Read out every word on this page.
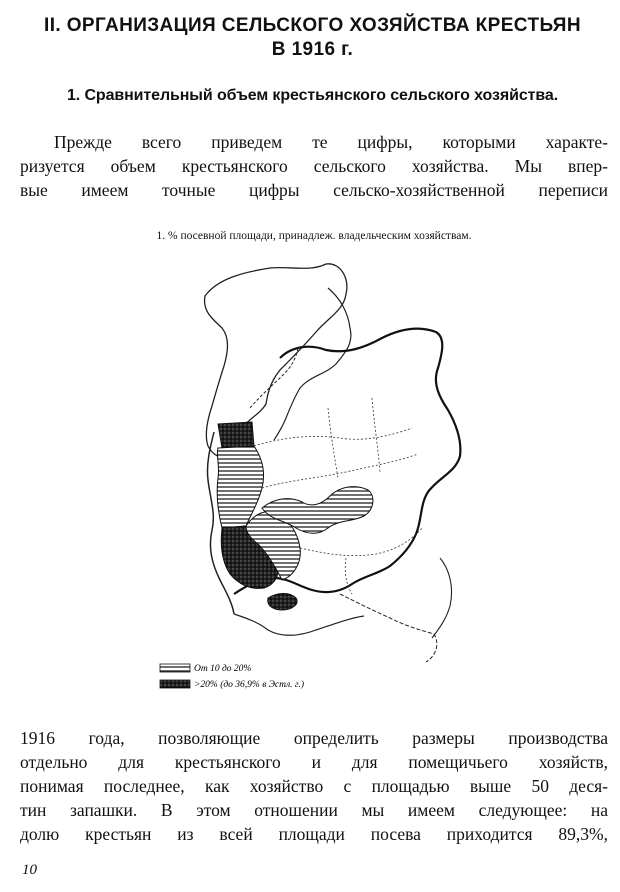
II. ОРГАНИЗАЦИЯ СЕЛЬСКОГО ХОЗЯЙСТВА КРЕСТЬЯН
В 1916 г.
1. Сравнительный объем крестьянского сельского хозяйства.
Прежде всего приведем те цифры, которыми характе-
ризуется объем крестьянского сельского хозяйства. Мы впер-
вые имеем точные цифры сельско-хозяйственной переписи
1. % посевной площади, принадлеж. владельческим хозяйствам.
От 10 до 20%
>20% (до 36,9% в Эстл. г.)
1916 года, позволяющие определить размеры производства
отдельно для крестьянского и для помещичьего хозяйств,
понимая последнее, как хозяйство с площадью выше 50 деся-
тин запашки. В этом отношении мы имеем следующее: на
долю крестьян из всей площади посева приходится 89,3%,
10
